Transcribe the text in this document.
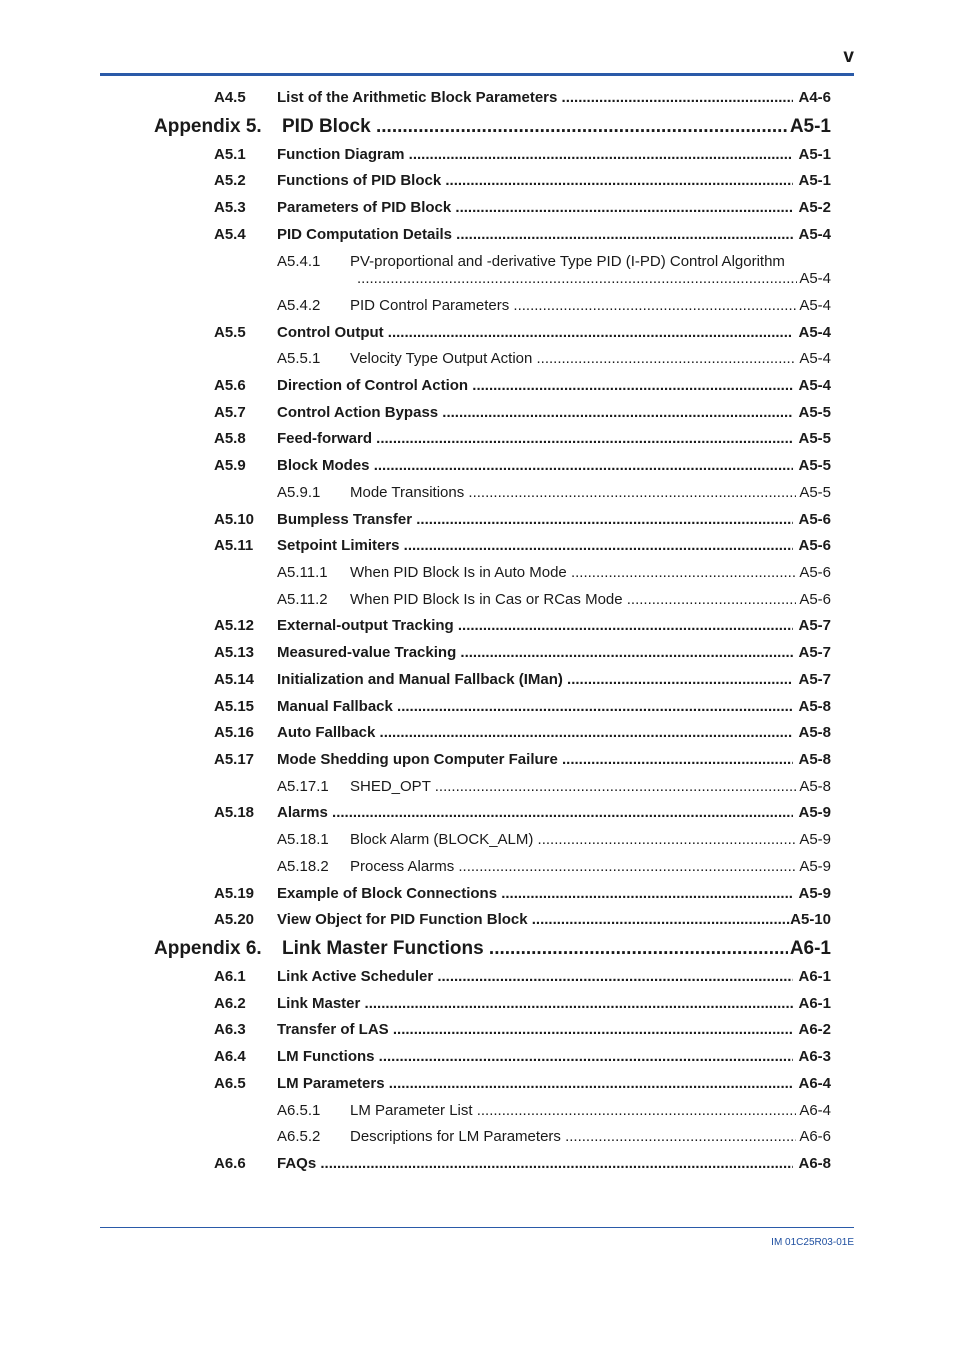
v
A4.5 List of the Arithmetic Block Parameters .....	A4-6
Appendix 5. PID Block .....	A5-1
A5.1 Function Diagram .....	A5-1
A5.2 Functions of PID Block .....	A5-1
A5.3 Parameters of PID Block .....	A5-2
A5.4 PID Computation Details .....	A5-4
A5.4.1 PV-proportional and -derivative Type PID (I-PD) Control Algorithm
.....
A5-4
A5.4.2 PID Control Parameters .....	A5-4
A5.5 Control Output .....	A5-4
A5.5.1 Velocity Type Output Action .....	A5-4
A5.6 Direction of Control Action .....	A5-4
A5.7 Control Action Bypass .....	A5-5
A5.8 Feed-forward .....	A5-5
A5.9 Block Modes .....	A5-5
A5.9.1 Mode Transitions .....	A5-5
A5.10 Bumpless Transfer .....	A5-6
A5.11 Setpoint Limiters .....	A5-6
A5.11.1 When PID Block Is in Auto Mode .....	A5-6
A5.11.2 When PID Block Is in Cas or RCas Mode .....	A5-6
A5.12 External-output Tracking .....	A5-7
A5.13 Measured-value Tracking .....	A5-7
A5.14 Initialization and Manual Fallback (IMan) .....	A5-7
A5.15 Manual Fallback .....	A5-8
A5.16 Auto Fallback .....	A5-8
A5.17 Mode Shedding upon Computer Failure .....	A5-8
A5.17.1 SHED_OPT .....	A5-8
A5.18 Alarms .....	A5-9
A5.18.1 Block Alarm (BLOCK_ALM) .....	A5-9
A5.18.2 Process Alarms .....	A5-9
A5.19 Example of Block Connections .....	A5-9
A5.20 View Object for PID Function Block .....	A5-10
Appendix 6. Link Master Functions .....	A6-1
A6.1 Link Active Scheduler .....	A6-1
A6.2 Link Master .....	A6-1
A6.3 Transfer of LAS .....	A6-2
A6.4 LM Functions .....	A6-3
A6.5 LM Parameters .....	A6-4
A6.5.1 LM Parameter List .....	A6-4
A6.5.2 Descriptions for LM Parameters .....	A6-6
A6.6 FAQs .....	A6-8
IM 01C25R03-01E
